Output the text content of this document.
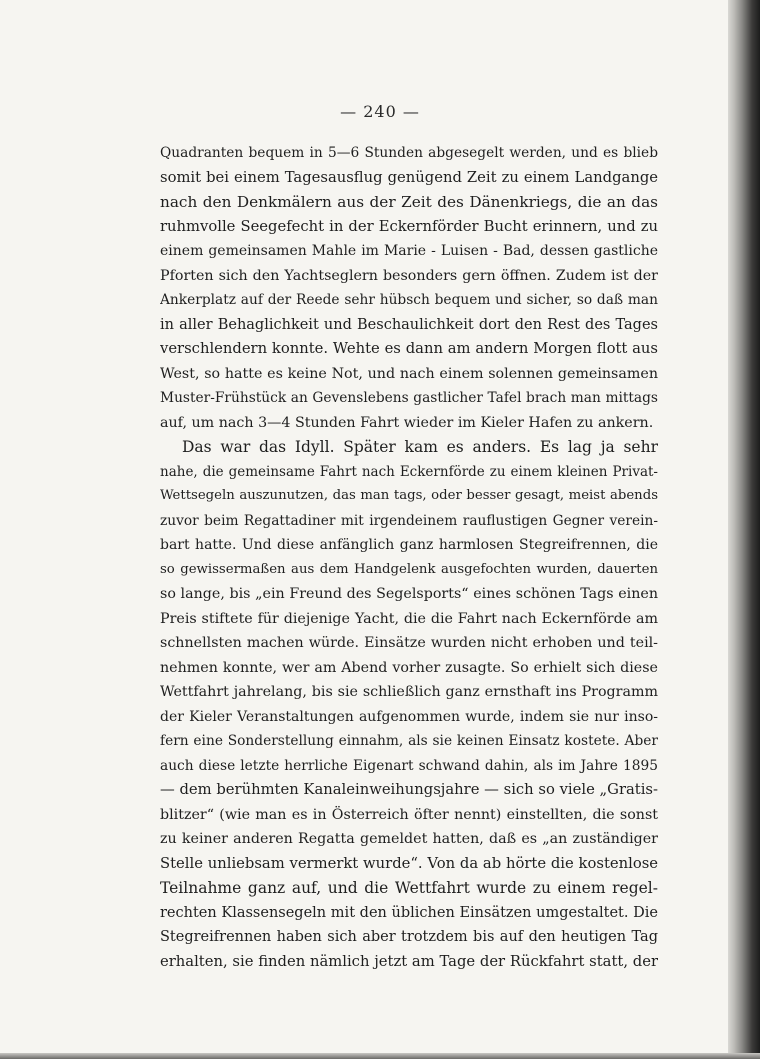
— 240 —
Quadranten bequem in 5—6 Stunden abgesegelt werden, und es blieb
somit bei einem Tagesausflug genügend Zeit zu einem Landgange
nach den Denkmälern aus der Zeit des Dänenkriegs, die an das
ruhmvolle Seegefecht in der Eckernförder Bucht erinnern, und zu
einem gemeinsamen Mahle im Marie - Luisen - Bad, dessen gastliche
Pforten sich den Yachtseglern besonders gern öffnen. Zudem ist der
Ankerplatz auf der Reede sehr hübsch bequem und sicher, so daß man
in aller Behaglichkeit und Beschaulichkeit dort den Rest des Tages
verschlendern konnte. Wehte es dann am andern Morgen flott aus
West, so hatte es keine Not, und nach einem solennen gemeinsamen
Muster-Frühstück an Gevenslebens gastlicher Tafel brach man mittags
auf, um nach 3—4 Stunden Fahrt wieder im Kieler Hafen zu ankern.
Das war das Idyll. Später kam es anders. Es lag ja sehr
nahe, die gemeinsame Fahrt nach Eckernförde zu einem kleinen Privat-
Wettsegeln auszunutzen, das man tags, oder besser gesagt, meist abends
zuvor beim Regattadiner mit irgendeinem rauflustigen Gegner verein-
bart hatte. Und diese anfänglich ganz harmlosen Stegreifrennen, die
so gewissermaßen aus dem Handgelenk ausgefochten wurden, dauerten
so lange, bis „ein Freund des Segelsports“ eines schönen Tags einen
Preis stiftete für diejenige Yacht, die die Fahrt nach Eckernförde am
schnellsten machen würde. Einsätze wurden nicht erhoben und teil-
nehmen konnte, wer am Abend vorher zusagte. So erhielt sich diese
Wettfahrt jahrelang, bis sie schließlich ganz ernsthaft ins Programm
der Kieler Veranstaltungen aufgenommen wurde, indem sie nur inso-
fern eine Sonderstellung einnahm, als sie keinen Einsatz kostete. Aber
auch diese letzte herrliche Eigenart schwand dahin, als im Jahre 1895
— dem berühmten Kanaleinweihungsjahre — sich so viele „Gratis-
blitzer“ (wie man es in Österreich öfter nennt) einstellten, die sonst
zu keiner anderen Regatta gemeldet hatten, daß es „an zuständiger
Stelle unliebsam vermerkt wurde“. Von da ab hörte die kostenlose
Teilnahme ganz auf, und die Wettfahrt wurde zu einem regel-
rechten Klassensegeln mit den üblichen Einsätzen umgestaltet. Die
Stegreifrennen haben sich aber trotzdem bis auf den heutigen Tag
erhalten, sie finden nämlich jetzt am Tage der Rückfahrt statt, der
